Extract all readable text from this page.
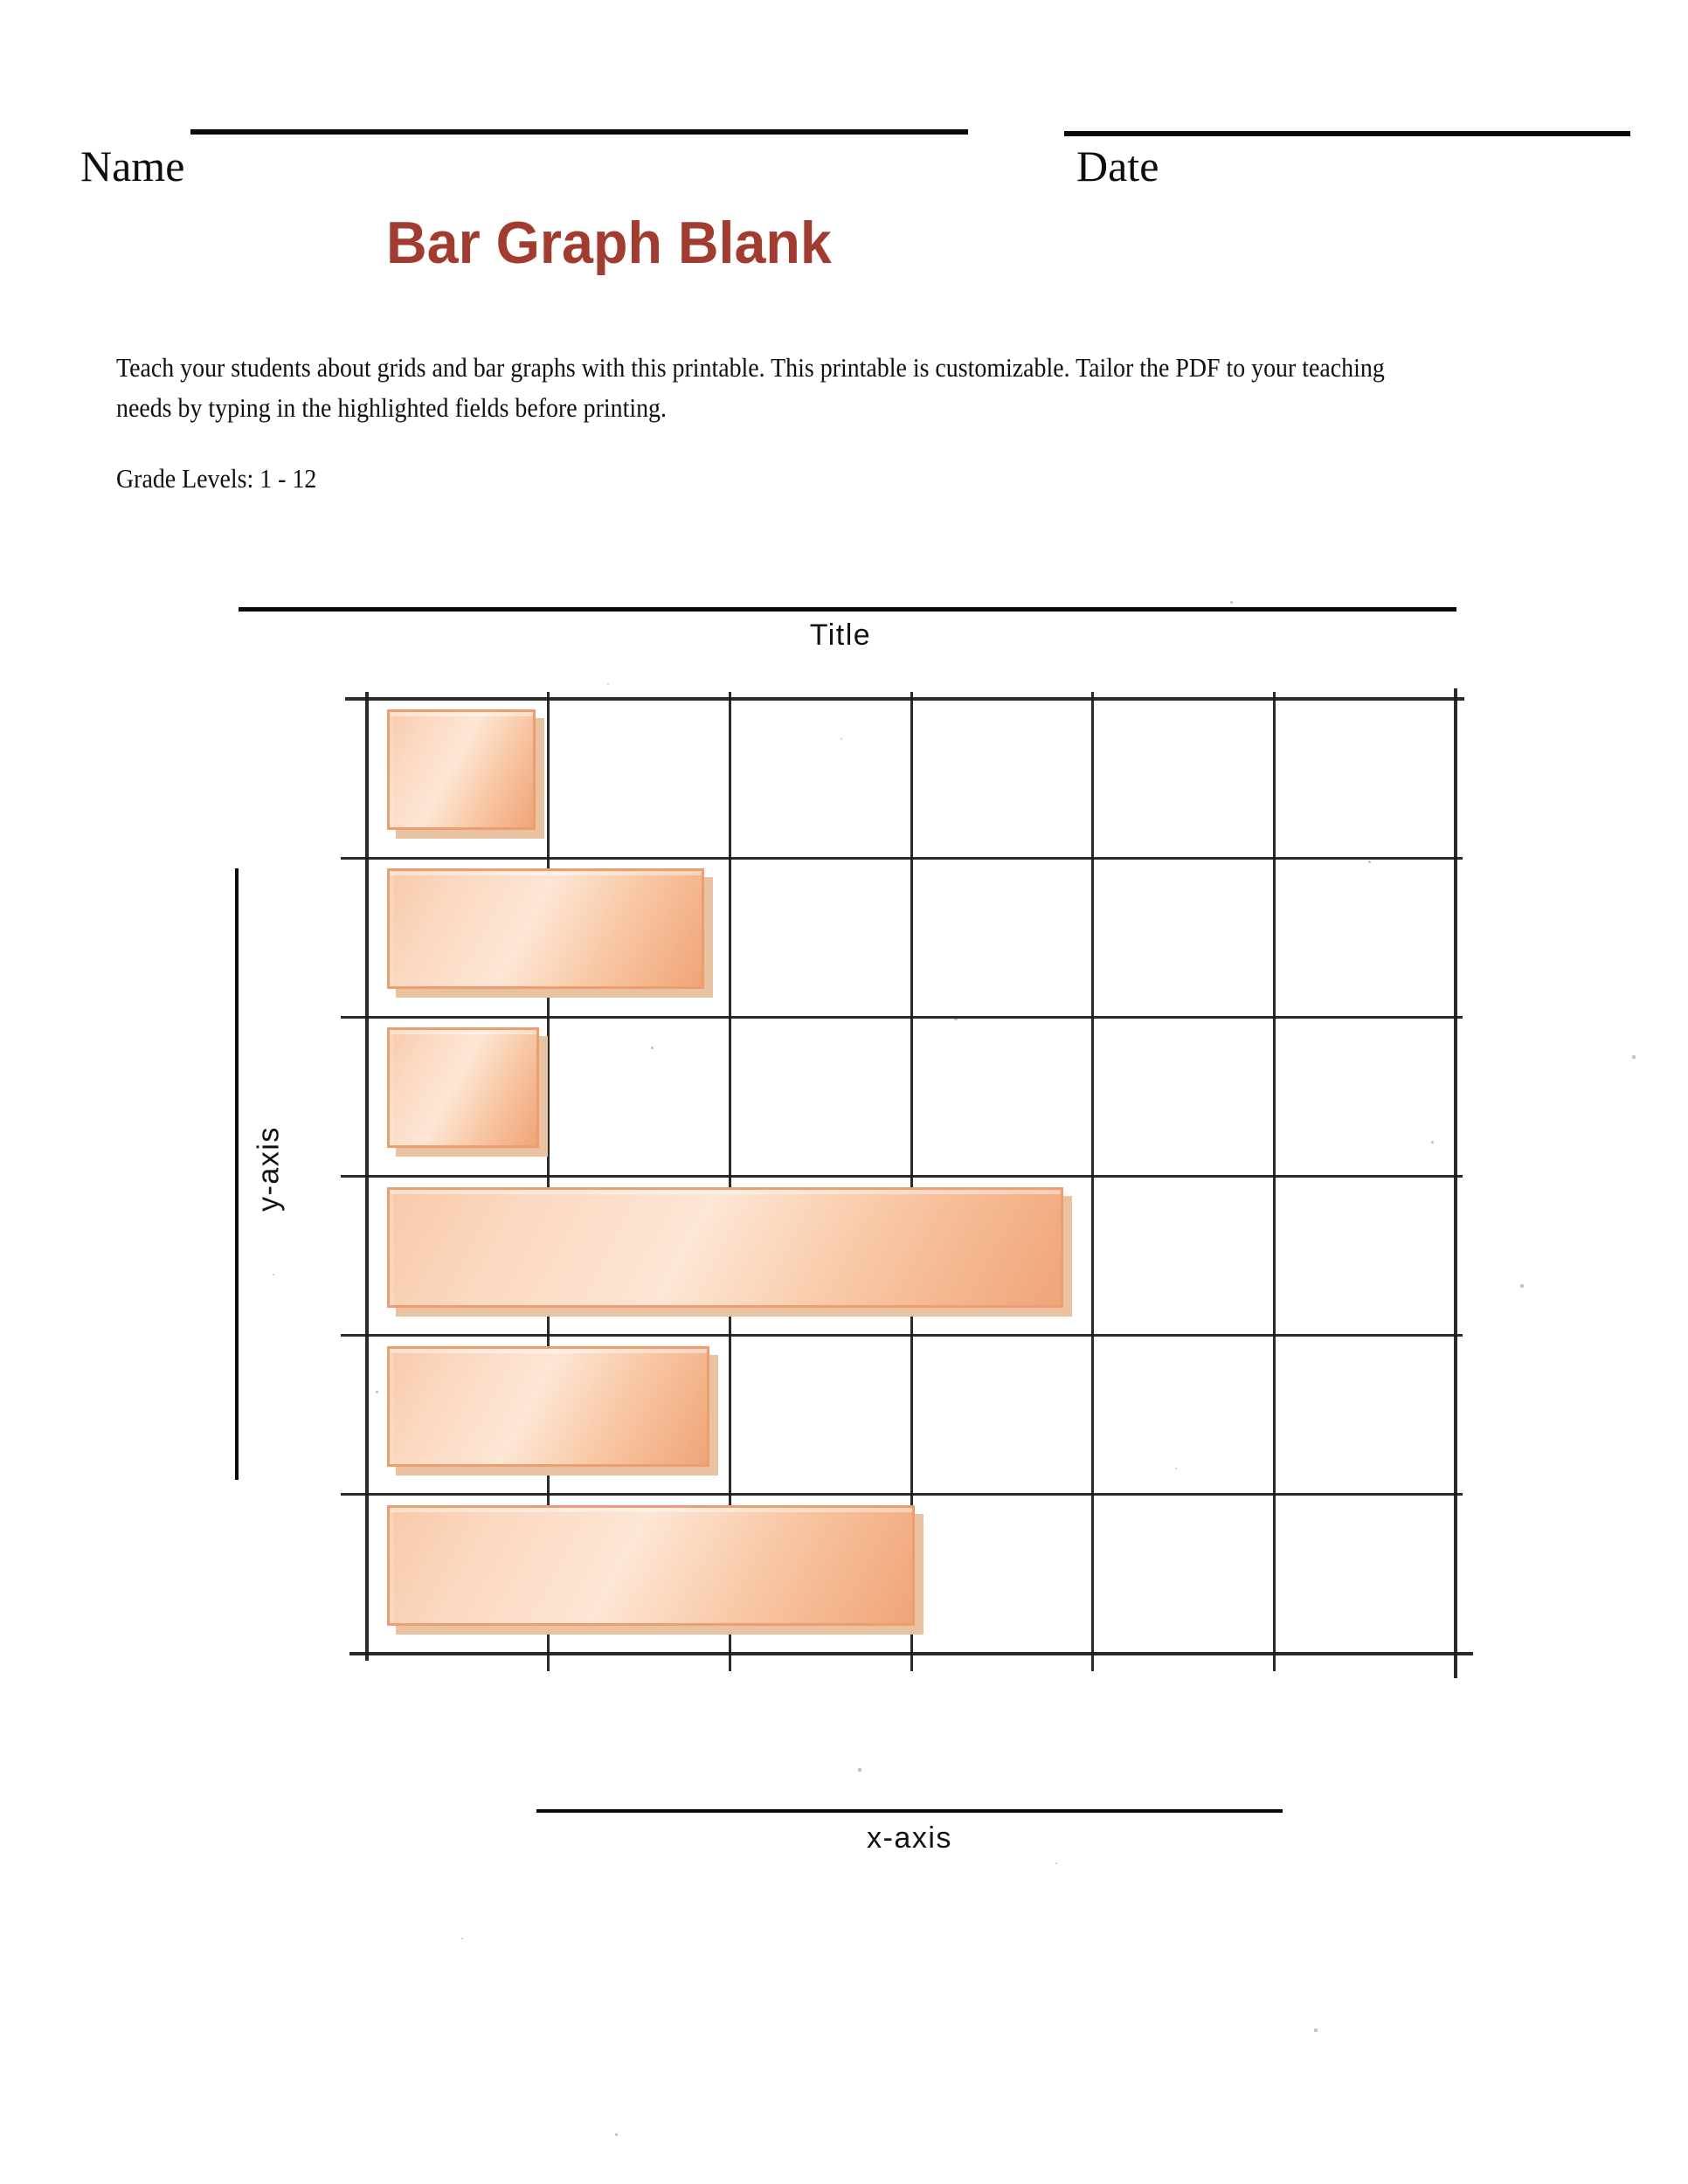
Name	Date
Bar Graph Blank
Teach your students about grids and bar graphs with this printable. This printable is customizable. Tailor the PDF to your teaching
needs by typing in the highlighted fields before printing.
Grade Levels: 1 - 12
Title
y-axis
x-axis
